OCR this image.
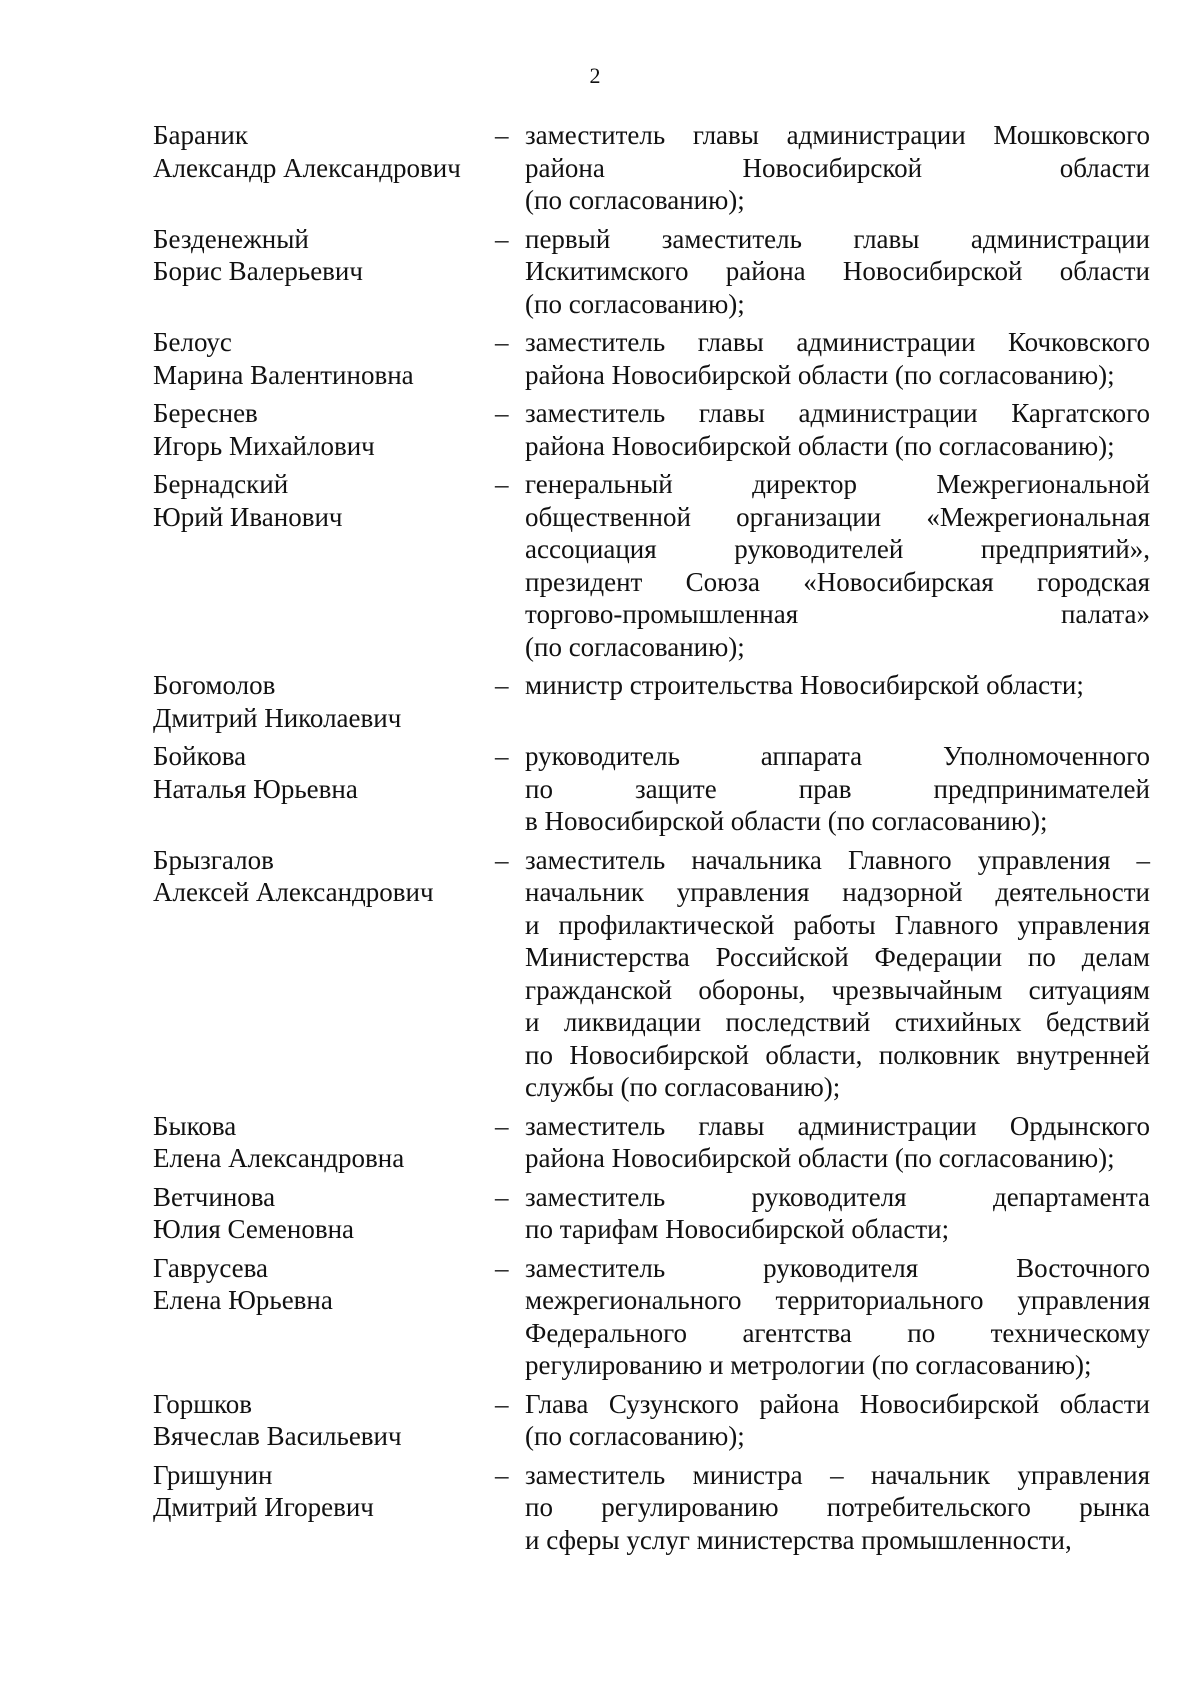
2
Бараник
Александр Александрович
– заместитель главы администрации Мошковского
района Новосибирской области
(по согласованию);
Безденежный
Борис Валерьевич
– первый заместитель главы администрации
Искитимского района Новосибирской области
(по согласованию);
Белоус
Марина Валентиновна
– заместитель главы администрации Кочковского
района Новосибирской области (по согласованию);
Береснев
Игорь Михайлович
– заместитель главы администрации Каргатского
района Новосибирской области (по согласованию);
Бернадский
Юрий Иванович
– генеральный директор Межрегиональной
общественной организации «Межрегиональная
ассоциация руководителей предприятий»,
президент Союза «Новосибирская городская
торгово-промышленная палата»
(по согласованию);
Богомолов
Дмитрий Николаевич
– министр строительства Новосибирской области;
Бойкова
Наталья Юрьевна
– руководитель аппарата Уполномоченного
по защите прав предпринимателей
в Новосибирской области (по согласованию);
Брызгалов
Алексей Александрович
– заместитель начальника Главного управления –
начальник управления надзорной деятельности
и профилактической работы Главного управления
Министерства Российской Федерации по делам
гражданской обороны, чрезвычайным ситуациям
и ликвидации последствий стихийных бедствий
по Новосибирской области, полковник внутренней
службы (по согласованию);
Быкова
Елена Александровна
– заместитель главы администрации Ордынского
района Новосибирской области (по согласованию);
Ветчинова
Юлия Семеновна
– заместитель руководителя департамента
по тарифам Новосибирской области;
Гаврусева
Елена Юрьевна
– заместитель руководителя Восточного
межрегионального территориального управления
Федерального агентства по техническому
регулированию и метрологии (по согласованию);
Горшков
Вячеслав Васильевич
– Глава Сузунского района Новосибирской области
(по согласованию);
Гришунин
Дмитрий Игоревич
– заместитель министра – начальник управления
по регулированию потребительского рынка
и сферы услуг министерства промышленности,
